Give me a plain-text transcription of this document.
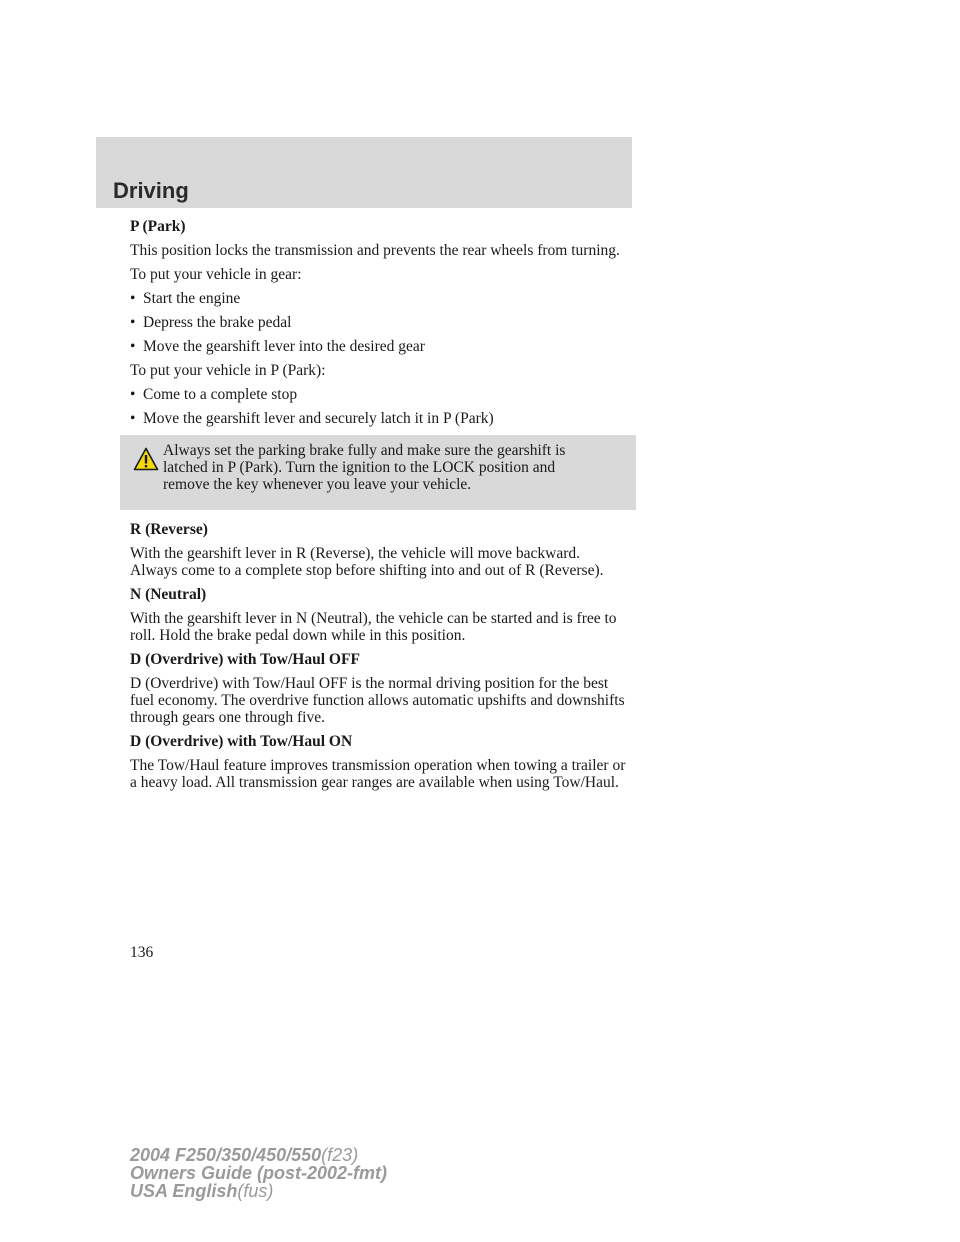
Driving
P (Park)

This position locks the transmission and prevents the rear wheels from turning.

To put your vehicle in gear:

• Start the engine
• Depress the brake pedal
• Move the gearshift lever into the desired gear

To put your vehicle in P (Park):

• Come to a complete stop
• Move the gearshift lever and securely latch it in P (Park)

Always set the parking brake fully and make sure the gearshift is
latched in P (Park). Turn the ignition to the LOCK position and
remove the key whenever you leave your vehicle.

R (Reverse)

With the gearshift lever in R (Reverse), the vehicle will move backward. Always come to a complete stop before shifting into and out of R (Reverse).

N (Neutral)

With the gearshift lever in N (Neutral), the vehicle can be started and is free to roll. Hold the brake pedal down while in this position.

D (Overdrive) with Tow/Haul OFF

D (Overdrive) with Tow/Haul OFF is the normal driving position for the best fuel economy. The overdrive function allows automatic upshifts and downshifts through gears one through five.

D (Overdrive) with Tow/Haul ON

The Tow/Haul feature improves transmission operation when towing a trailer or a heavy load. All transmission gear ranges are available when using Tow/Haul.

136
2004 F250/350/450/550(f23)
Owners Guide (post-2002-fmt)
USA English(fus)
